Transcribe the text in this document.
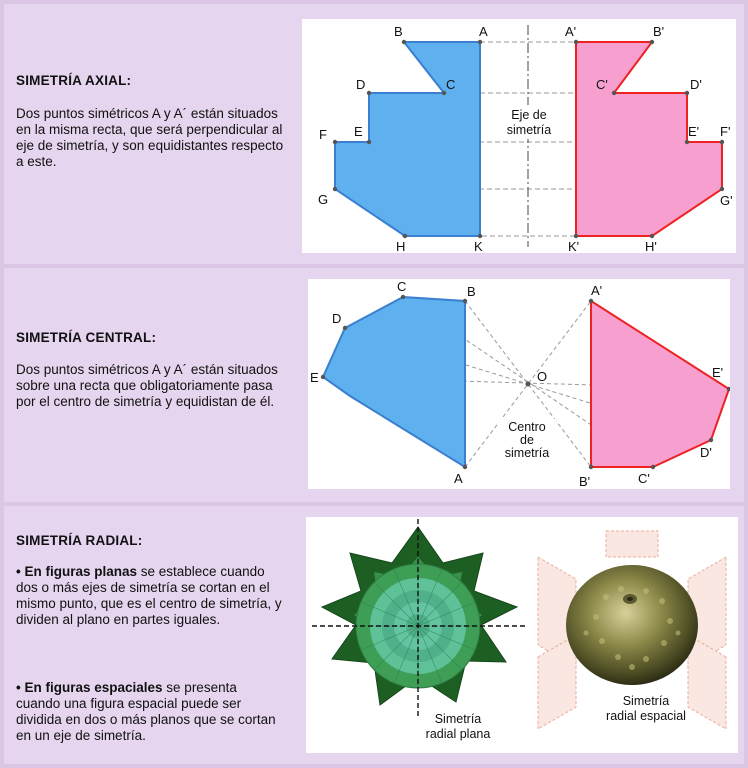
SIMETRÍA AXIAL:
Dos puntos simétricos A y A´ están situados en la misma recta, que será perpendicular al eje de simetría, y son equidistantes respecto a este.
B	A
C
D
E
F
G
H	K
A'	B'
C'	D'
E' F'
G'
H'
K'
Eje de
simetría
SIMETRÍA CENTRAL:
Dos puntos simétricos A y A´ están situados sobre una recta que obligatoriamente pasa por el centro de simetría y equidistan de él.
C	B
D
E
A
O
A'
E'
D'
C'
B'
Centro
de
simetría
SIMETRÍA RADIAL:
• En figuras planas se establece cuando dos o más ejes de simetría se cortan en el mismo punto, que es el centro de simetría, y dividen al plano en partes iguales.
• En figuras espaciales se presenta cuando una figura espacial puede ser dividida en dos o más planos que se cortan en un eje de simetría.
Simetría
radial plana
Simetría
radial espacial
